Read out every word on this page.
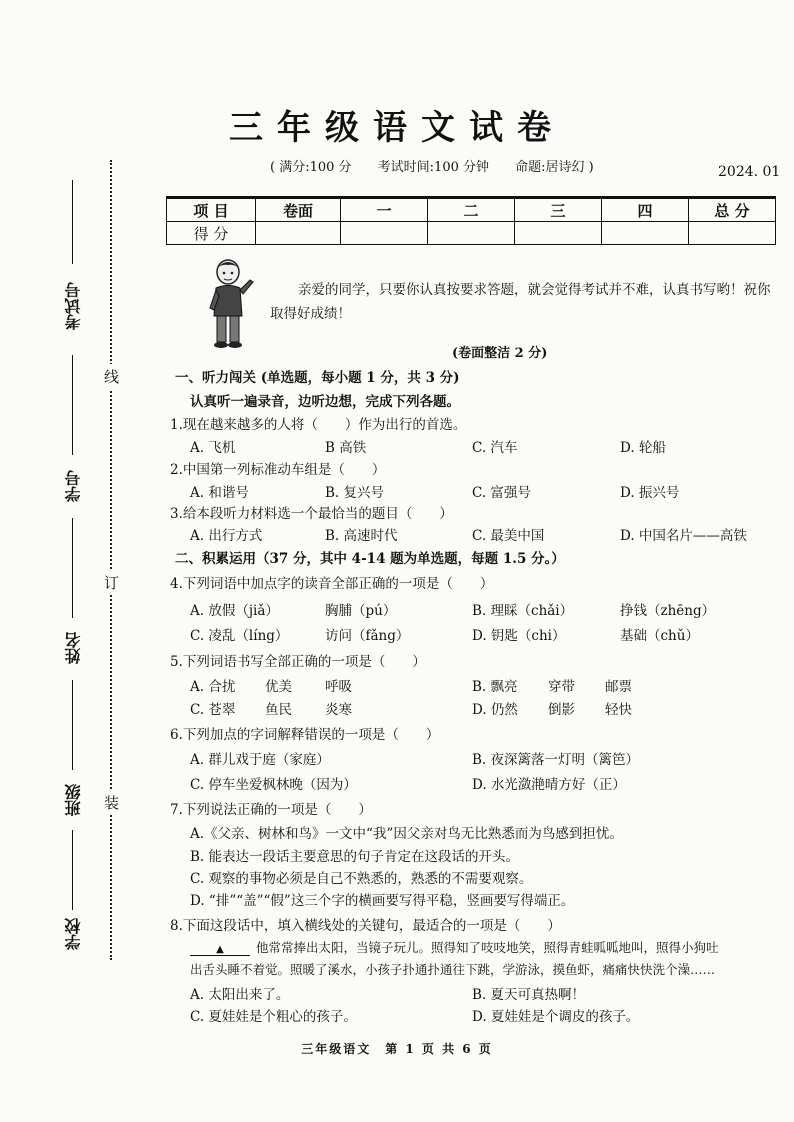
三年级语文试卷
( 满分:100 分 考试时间:100 分钟 命题:居诗幻 )	2024. 01
项 目	卷面	一	二	三	四	总 分
得 分						
亲爱的同学，只要你认真按要求答题，就会觉得考试并不难，认真书写哟！祝你取得好成绩！
(卷面整洁 2 分)
考试号
学号
姓名
班级
学校
线
订
装
一、听力闯关 (单选题，每小题 1 分，共 3 分)
认真听一遍录音，边听边想，完成下列各题。
1.现在越来越多的人将（　　）作为出行的首选。
A. 飞机	B 高铁	C. 汽车	D. 轮船
2.中国第一列标准动车组是（　　）
A. 和谐号	B. 复兴号	C. 富强号	D. 振兴号
3.给本段听力材料选一个最恰当的题目（　　）
A. 出行方式	B. 高速时代	C. 最美中国	D. 中国名片——高铁
二、积累运用（37 分，其中 4-14 题为单选题，每题 1.5 分。）
4.下列词语中加点字的读音全部正确的一项是（　　）
A. 放假（jiǎ）	胸脯（pú）	B. 理睬（chǎi）	挣钱（zhēng）
C. 凌乱（líng）	访问（fǎng）	D. 钥匙（chi）	基础（chǔ）
5.下列词语书写全部正确的一项是（　　）
A. 合扰 优美 呼吸	B. 飘亮 穿带 邮票
C. 苍翠 鱼民 炎寒	D. 仍然 倒影 轻快
6.下列加点的字词解释错误的一项是（　　）
A. 群儿戏于庭（家庭）	B. 夜深篱落一灯明（篱笆）
C. 停车坐爱枫林晚（因为）	D. 水光潋滟晴方好（正）
7.下列说法正确的一项是（　　）
A.《父亲、树林和鸟》一文中“我”因父亲对鸟无比熟悉而为鸟感到担忧。
B. 能表达一段话主要意思的句子肯定在这段话的开头。
C. 观察的事物必须是自己不熟悉的，熟悉的不需要观察。
D. “排”“盖”“假”这三个字的横画要写得平稳，竖画要写得端正。
8.下面这段话中，填入横线处的关键句，最适合的一项是（　　）
▲	他常常捧出太阳，当镜子玩儿。照得知了吱吱地笑，照得青蛙呱呱地叫，照得小狗吐
出舌头睡不着觉。照暖了溪水，小孩子扑通扑通往下跳，学游泳，摸鱼虾，痛痛快快洗个澡……
A. 太阳出来了。	B. 夏天可真热啊！
C. 夏娃娃是个粗心的孩子。	D. 夏娃娃是个调皮的孩子。
三年级语文　第 1 页 共 6 页
